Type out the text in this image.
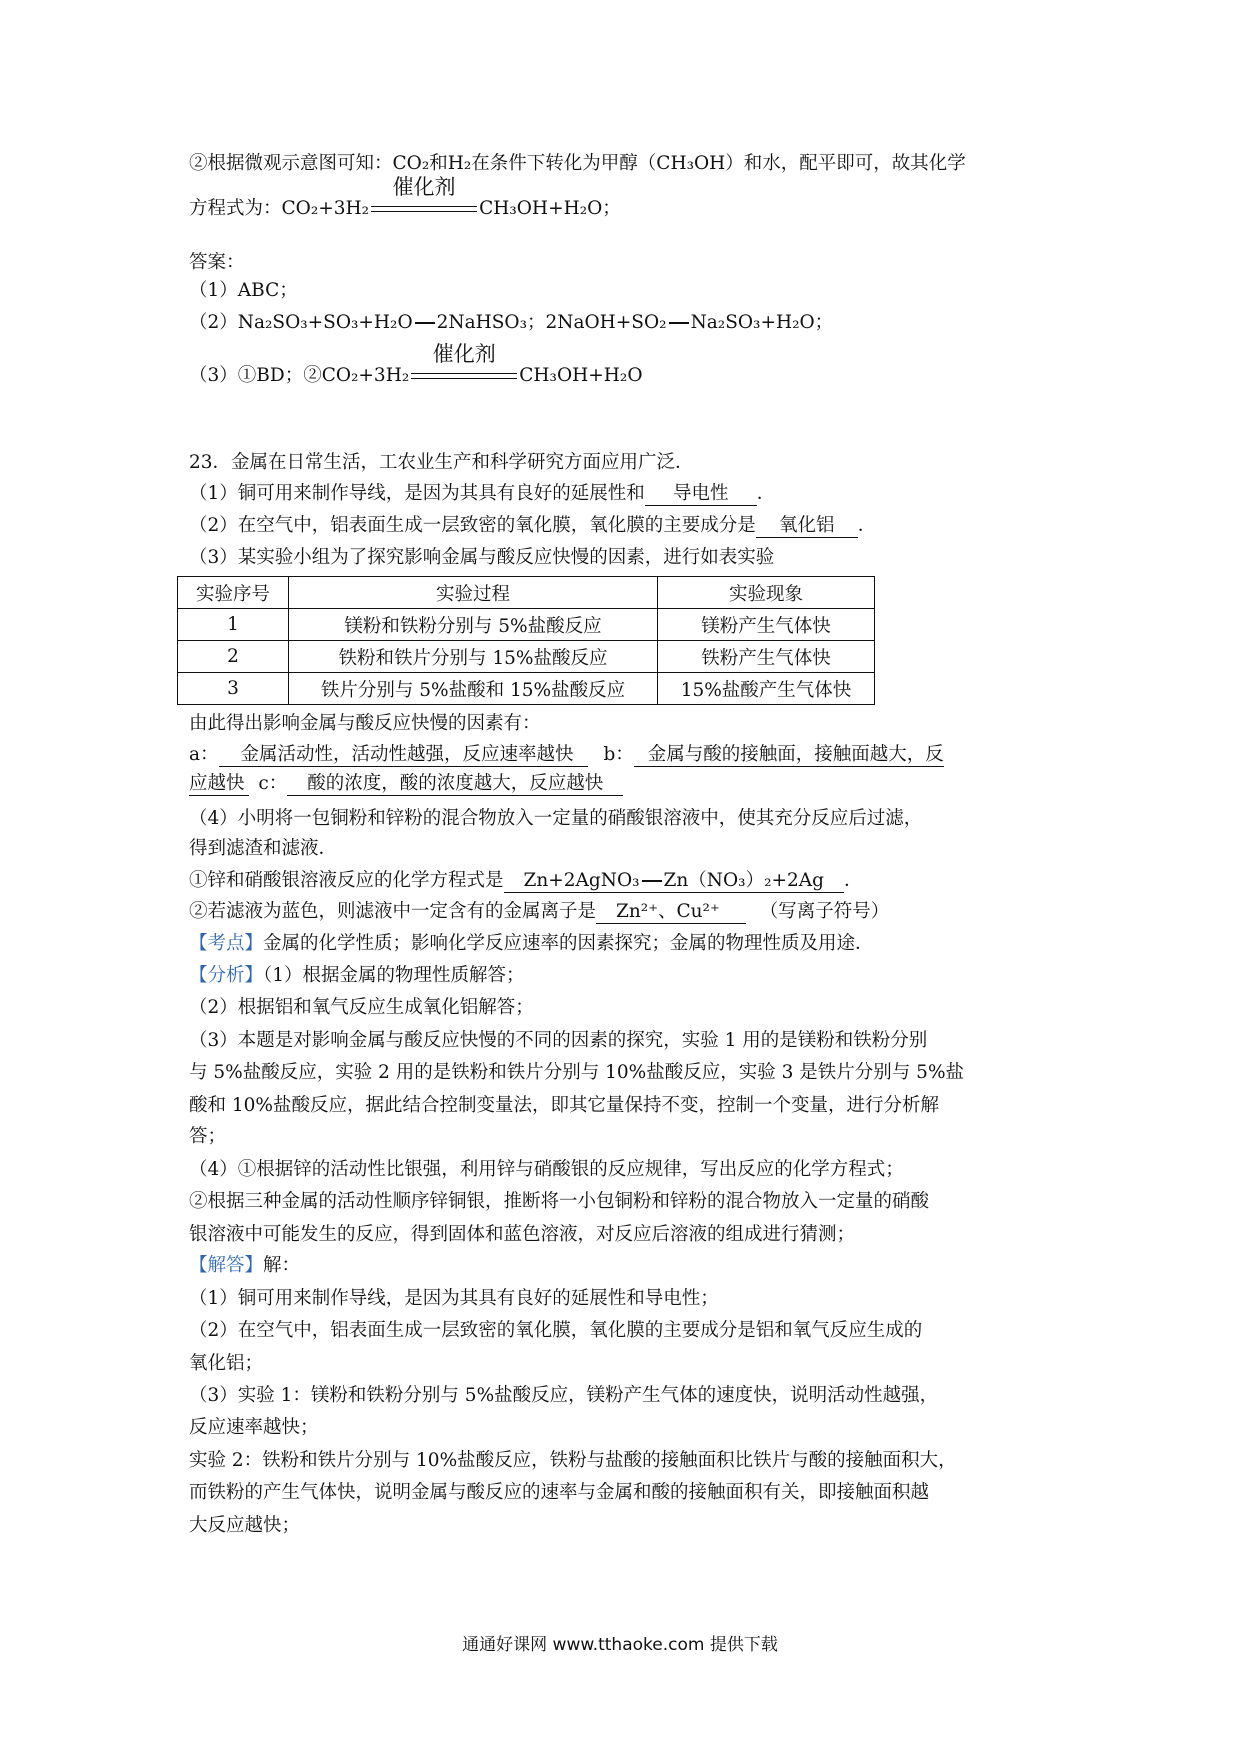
②根据微观示意图可知：CO₂和H₂在条件下转化为甲醇（CH₃OH）和水，配平即可，故其化学
方程式为：CO₂+3H₂
催化剂
CH₃OH+H₂O；
答案：
（1）ABC；
（2）Na₂SO₃+SO₃+H₂O 2NaHSO₃；2NaOH+SO₂ Na₂SO₃+H₂O；
（3）①BD；②CO₂+3H₂
催化剂
CH₃OH+H₂O
23．金属在日常生活，工农业生产和科学研究方面应用广泛．
（1）铜可用来制作导线，是因为其具有良好的延展性和 导电性 ．
（2）在空气中，铝表面生成一层致密的氧化膜，氧化膜的主要成分是 氧化铝 ．
（3）某实验小组为了探究影响金属与酸反应快慢的因素，进行如表实验
实验序号	实验过程	实验现象
1	镁粉和铁粉分别与 5%盐酸反应	镁粉产生气体快
2	铁粉和铁片分别与 15%盐酸反应	铁粉产生气体快
3	铁片分别与 5%盐酸和 15%盐酸反应	15%盐酸产生气体快
由此得出影响金属与酸反应快慢的因素有：
a： 金属活动性，活动性越强，反应速率越快 b： 金属与酸的接触面，接触面越大，反
应越快 c： 酸的浓度，酸的浓度越大，反应越快
（4）小明将一包铜粉和锌粉的混合物放入一定量的硝酸银溶液中，使其充分反应后过滤，
得到滤渣和滤液．
①锌和硝酸银溶液反应的化学方程式是 Zn+2AgNO₃ Zn（NO₃）₂+2Ag ．
②若滤液为蓝色，则滤液中一定含有的金属离子是 Zn²⁺、Cu²⁺ （写离子符号）
【考点】金属的化学性质；影响化学反应速率的因素探究；金属的物理性质及用途．
【分析】（1）根据金属的物理性质解答；
（2）根据铝和氧气反应生成氧化铝解答；
（3）本题是对影响金属与酸反应快慢的不同的因素的探究，实验 1 用的是镁粉和铁粉分别
与 5%盐酸反应，实验 2 用的是铁粉和铁片分别与 10%盐酸反应，实验 3 是铁片分别与 5%盐
酸和 10%盐酸反应，据此结合控制变量法，即其它量保持不变，控制一个变量，进行分析解
答；
（4）①根据锌的活动性比银强，利用锌与硝酸银的反应规律，写出反应的化学方程式；
②根据三种金属的活动性顺序锌铜银，推断将一小包铜粉和锌粉的混合物放入一定量的硝酸
银溶液中可能发生的反应，得到固体和蓝色溶液，对反应后溶液的组成进行猜测；
【解答】解：
（1）铜可用来制作导线，是因为其具有良好的延展性和导电性；
（2）在空气中，铝表面生成一层致密的氧化膜，氧化膜的主要成分是铝和氧气反应生成的
氧化铝；
（3）实验 1：镁粉和铁粉分别与 5%盐酸反应，镁粉产生气体的速度快，说明活动性越强，
反应速率越快；
实验 2：铁粉和铁片分别与 10%盐酸反应，铁粉与盐酸的接触面积比铁片与酸的接触面积大，
而铁粉的产生气体快，说明金属与酸反应的速率与金属和酸的接触面积有关，即接触面积越
大反应越快；
通通好课网 www.tthaoke.com 提供下载
